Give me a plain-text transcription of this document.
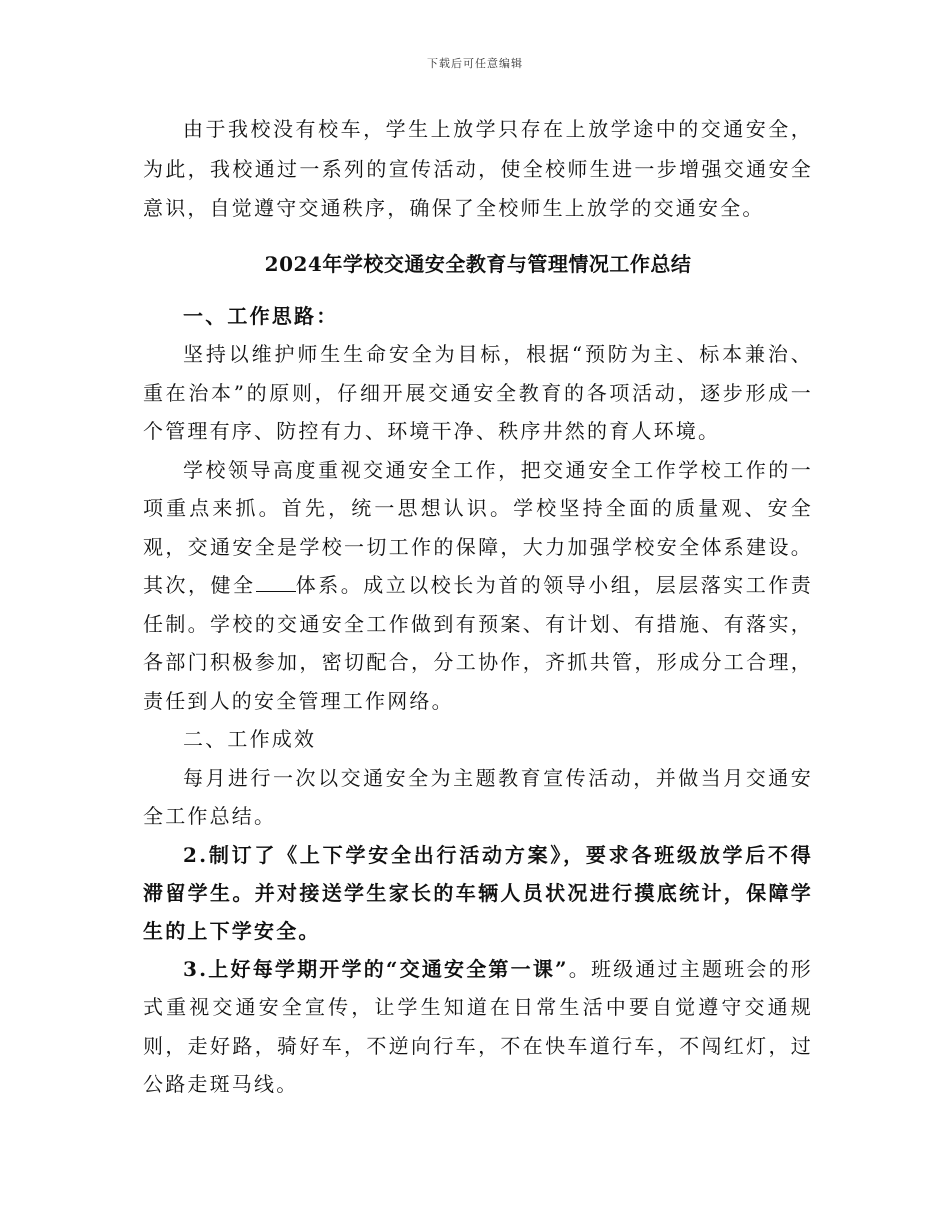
下载后可任意编辑

由于我校没有校车，学生上放学只存在上放学途中的交通安全，为此，我校通过一系列的宣传活动，使全校师生进一步增强交通安全意识，自觉遵守交通秩序，确保了全校师生上放学的交通安全。

2024年学校交通安全教育与管理情况工作总结
一、工作思路：

坚持以维护师生生命安全为目标，根据“预防为主、标本兼治、重在治本”的原则，仔细开展交通安全教育的各项活动，逐步形成一个管理有序、防控有力、环境干净、秩序井然的育人环境。

学校领导高度重视交通安全工作，把交通安全工作学校工作的一项重点来抓。首先，统一思想认识。学校坚持全面的质量观、安全观，交通安全是学校一切工作的保障，大力加强学校安全体系建设。其次，健全 体系。成立以校长为首的领导小组，层层落实工作责任制。学校的交通安全工作做到有预案、有计划、有措施、有落实，各部门积极参加，密切配合，分工协作，齐抓共管，形成分工合理，责任到人的安全管理工作网络。

二、工作成效

每月进行一次以交通安全为主题教育宣传活动，并做当月交通安全工作总结。

2.制订了《上下学安全出行活动方案》，要求各班级放学后不得滞留学生。并对接送学生家长的车辆人员状况进行摸底统计，保障学生的上下学安全。

3.上好每学期开学的“交通安全第一课”。班级通过主题班会的形式重视交通安全宣传，让学生知道在日常生活中要自觉遵守交通规则，走好路，骑好车，不逆向行车，不在快车道行车，不闯红灯，过公路走斑马线。
